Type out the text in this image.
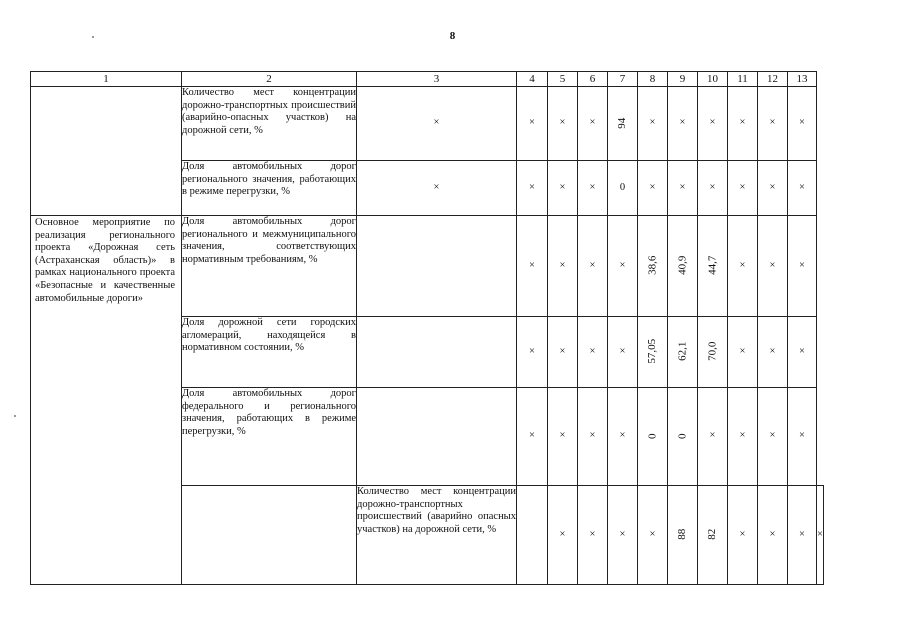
8
1	2	3	4	5	6	7	8	9	10	11	12	13	
	Количество мест концентрации дорожно-транспортных происшествий (аварийно-опасных участков) на дорожной сети, %	×	×	×	×	94	×	×	×	×	×	×	
	Доля автомобильных дорог регионального значения, работающих в режиме перегрузки, %	×	×	×	×	0	×	×	×	×	×	×	
Основное мероприятие по реализация регионального проекта «Дорожная сеть (Астраханская область)» в рамках национального проекта «Безопасные и качественные автомобильные дороги»	Доля автомобильных дорог регионального и межмуниципального значения, соответствующих нормативным требованиям, %		×	×	×	×	38,6	40,9	44,7	×	×	×	
	Доля дорожной сети городских агломераций, находящейся в нормативном состоянии, %		×	×	×	×	57,05	62,1	70,0	×	×	×	
	Доля автомобильных дорог федерального и регионального значения, работающих в режиме перегрузки, %		×	×	×	×	0	0	×	×	×	×	
		Количество мест концентрации дорожно-транспортных происшествий (аварийно опасных участков) на дорожной сети, %		×	×	×	×	88	82	×	×	×	×
